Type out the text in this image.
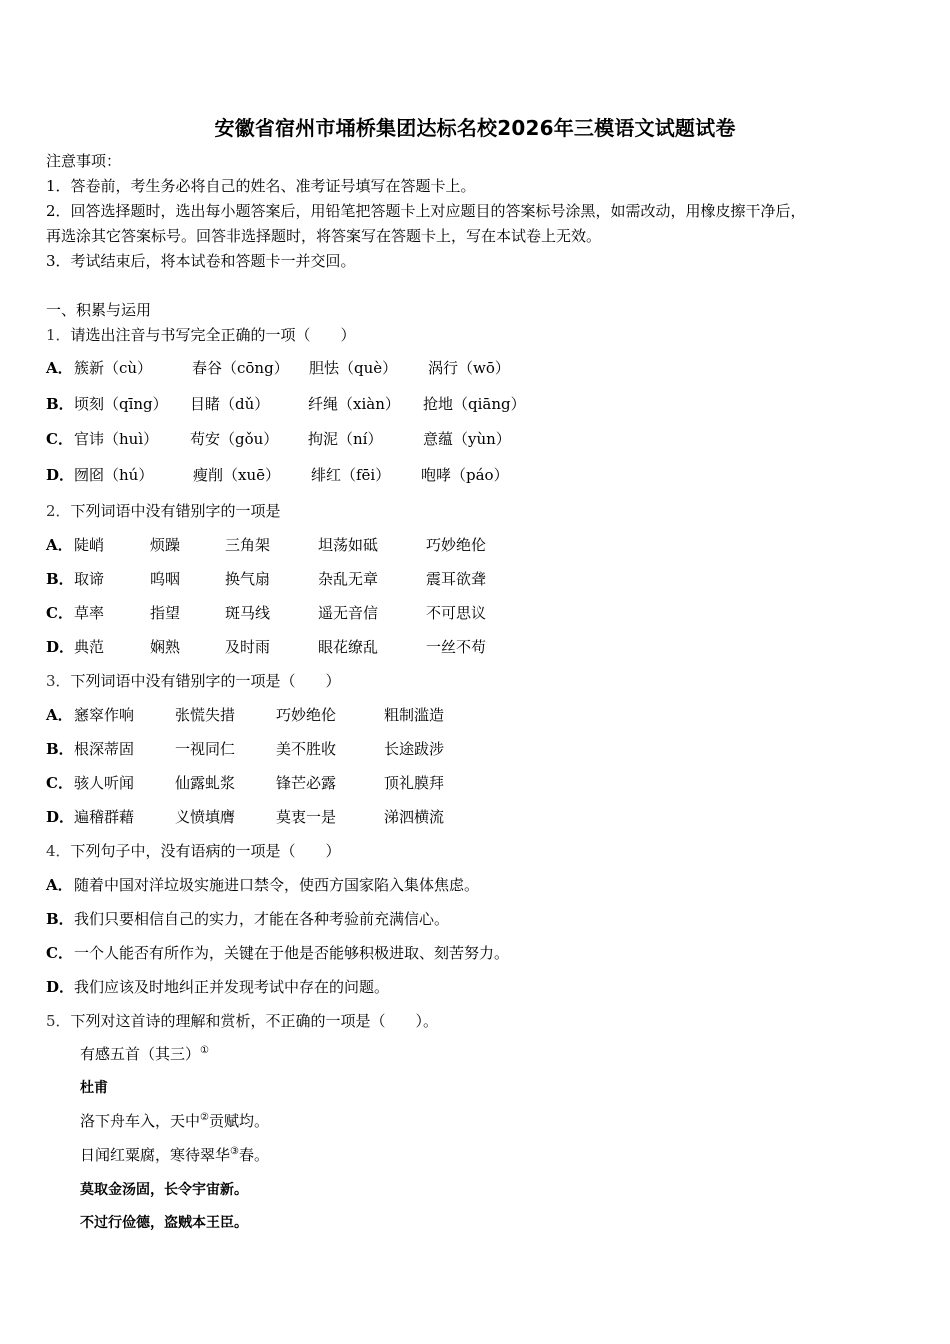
安徽省宿州市埇桥集团达标名校2026年三模语文试题试卷
注意事项：
1．答卷前，考生务必将自己的姓名、准考证号填写在答题卡上。
2．回答选择题时，选出每小题答案后，用铅笔把答题卡上对应题目的答案标号涂黑，如需改动，用橡皮擦干净后，
再选涂其它答案标号。回答非选择题时，将答案写在答题卡上，写在本试卷上无效。
3．考试结束后，将本试卷和答题卡一并交回。
一、积累与运用
1．请选出注音与书写完全正确的一项（　　）
A． 簇新（cù）	春谷（cōng） 胆怯（què） 涡行（wō）
B． 顷刻（qīng） 目睹（dǔ）	纤绳（xiàn） 抢地（qiāng）
C． 官讳（huì） 苟安（gǒu） 拘泥（ní）	意蕴（yùn）
D． 囫囵（hú）	瘦削（xuē） 绯红（fēi） 咆哮（páo）
2．下列词语中没有错别字的一项是
A． 陡峭	烦躁	三角架	坦荡如砥	巧妙绝伦
B． 取谛	呜咽	换气扇	杂乱无章	震耳欲聋
C． 草率	指望	斑马线	遥无音信	不可思议
D． 典范	娴熟	及时雨	眼花缭乱	一丝不苟
3．下列词语中没有错别字的一项是（　　）
A． 窸窣作响	张慌失措	巧妙绝伦	粗制滥造
B． 根深蒂固	一视同仁	美不胜收	长途跋涉
C． 骇人听闻	仙露虬浆	锋芒必露	顶礼膜拜
D． 遍稽群藉	义愤填膺	莫衷一是	涕泗横流
4．下列句子中，没有语病的一项是（　　）
A．随着中国对洋垃圾实施进口禁令，使西方国家陷入集体焦虑。
B．我们只要相信自己的实力，才能在各种考验前充满信心。
C．一个人能否有所作为，关键在于他是否能够积极进取、刻苦努力。
D．我们应该及时地纠正并发现考试中存在的问题。
5．下列对这首诗的理解和赏析，不正确的一项是（　　）。
有感五首（其三）①
杜甫
洛下舟车入，天中②贡赋均。
日闻红粟腐，寒待翠华③春。
莫取金汤固，长令宇宙新。
不过行俭德，盗贼本王臣。
